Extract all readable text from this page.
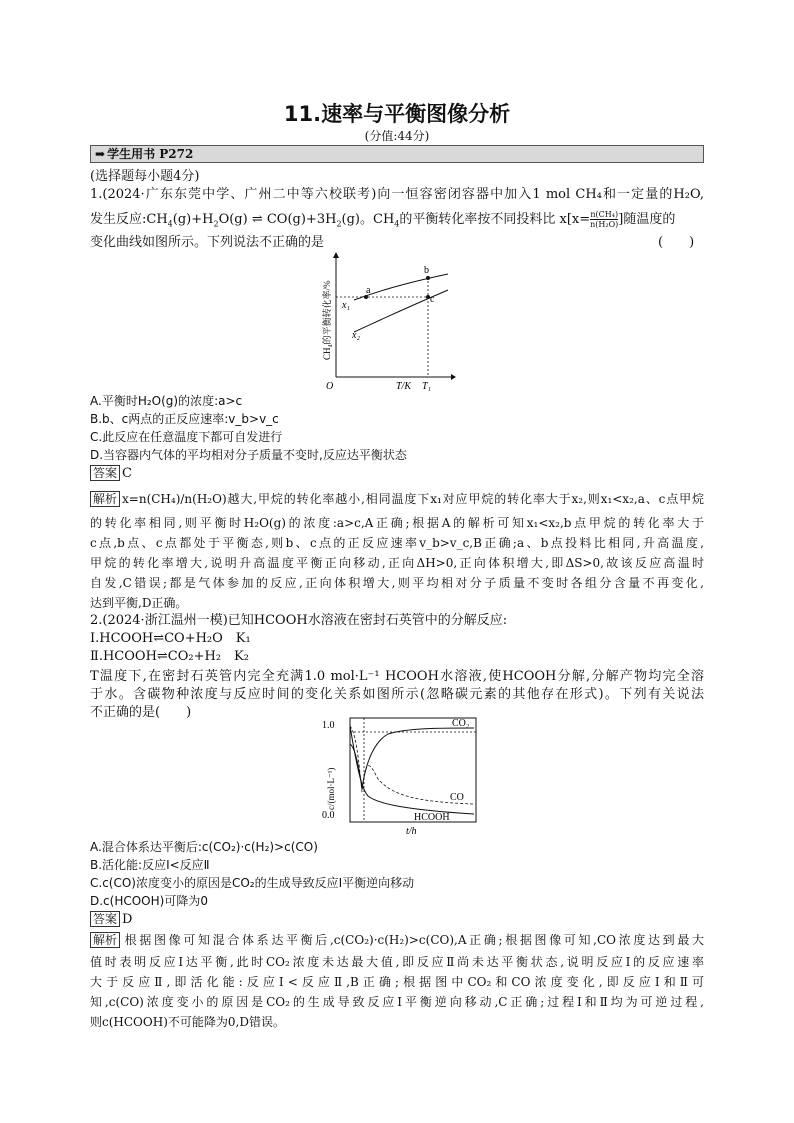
11.速率与平衡图像分析
(分值:44分)
➡ 学生用书 P272
(选择题每小题4分)
1.(2024·广东东莞中学、广州二中等六校联考)向一恒容密闭容器中加入1 mol CH₄和一定量的H₂O,
发生反应$:CH_4(g)+H_2O(g)$ ⇌ $CO(g)+3H_2(g)$。$CH_4$的平衡转化率按不同投料比 $x[x= \frac{\text{n(CH₄)}}{\text{n(H₂O)}}$ ]随温度的
变化曲线如图所示。下列说法不正确的是	(　　)
a
b
c
x₁
x₂
O	T/K T₁
CH₄的平衡转化率/%
A.平衡时H₂O(g)的浓度:a>c
B.b、c两点的正反应速率:v_b>v_c
C.此反应在任意温度下都可自发进行
D.当容器内气体的平均相对分子质量不变时,反应达平衡状态
答案 C
解析 x=n(CH₄)/n(H₂O)越大,甲烷的转化率越小,相同温度下x₁对应甲烷的转化率大于x₂,则x₁<x₂,a、c点甲烷
的转化率相同,则平衡时H₂O(g)的浓度:a>c,A正确;根据A的解析可知x₁<x₂,b点甲烷的转化率大于
c点,b点、c点都处于平衡态,则b、c点的正反应速率v_b>v_c,B正确;a、b点投料比相同,升高温度,
甲烷的转化率增大,说明升高温度平衡正向移动,正向ΔH>0,正向体积增大,即ΔS>0,故该反应高温时
自发,C错误;都是气体参加的反应,正向体积增大,则平均相对分子质量不变时各组分含量不再变化,
达到平衡,D正确。
2.(2024·浙江温州一模)已知HCOOH水溶液在密封石英管中的分解反应:
Ⅰ.HCOOH⇌CO+H₂O　K₁
Ⅱ.HCOOH⇌CO₂+H₂　K₂
T温度下,在密封石英管内完全充满1.0 mol·L⁻¹ HCOOH水溶液,使HCOOH分解,分解产物均完全溶
于水。含碳物种浓度与反应时间的变化关系如图所示(忽略碳元素的其他存在形式)。下列有关说法
不正确的是(　　)
1.0
0.0
CO₂
CO
HCOOH
t/h
c/(mol·L⁻¹)
A.混合体系达平衡后:c(CO₂)·c(H₂)>c(CO)
B.活化能:反应Ⅰ<反应Ⅱ
C.c(CO)浓度变小的原因是CO₂的生成导致反应Ⅰ平衡逆向移动
D.c(HCOOH)可降为0
答案 D
解析 根据图像可知混合体系达平衡后,c(CO₂)·c(H₂)>c(CO),A正确;根据图像可知,CO浓度达到最大
值时表明反应Ⅰ达平衡,此时CO₂浓度未达最大值,即反应Ⅱ尚未达平衡状态,说明反应Ⅰ的反应速率
大于反应Ⅱ,即活化能:反应Ⅰ<反应Ⅱ,B正确;根据图中CO₂和CO浓度变化,即反应Ⅰ和Ⅱ可
知,c(CO)浓度变小的原因是CO₂的生成导致反应Ⅰ平衡逆向移动,C正确;过程Ⅰ和Ⅱ均为可逆过程,
则c(HCOOH)不可能降为0,D错误。
